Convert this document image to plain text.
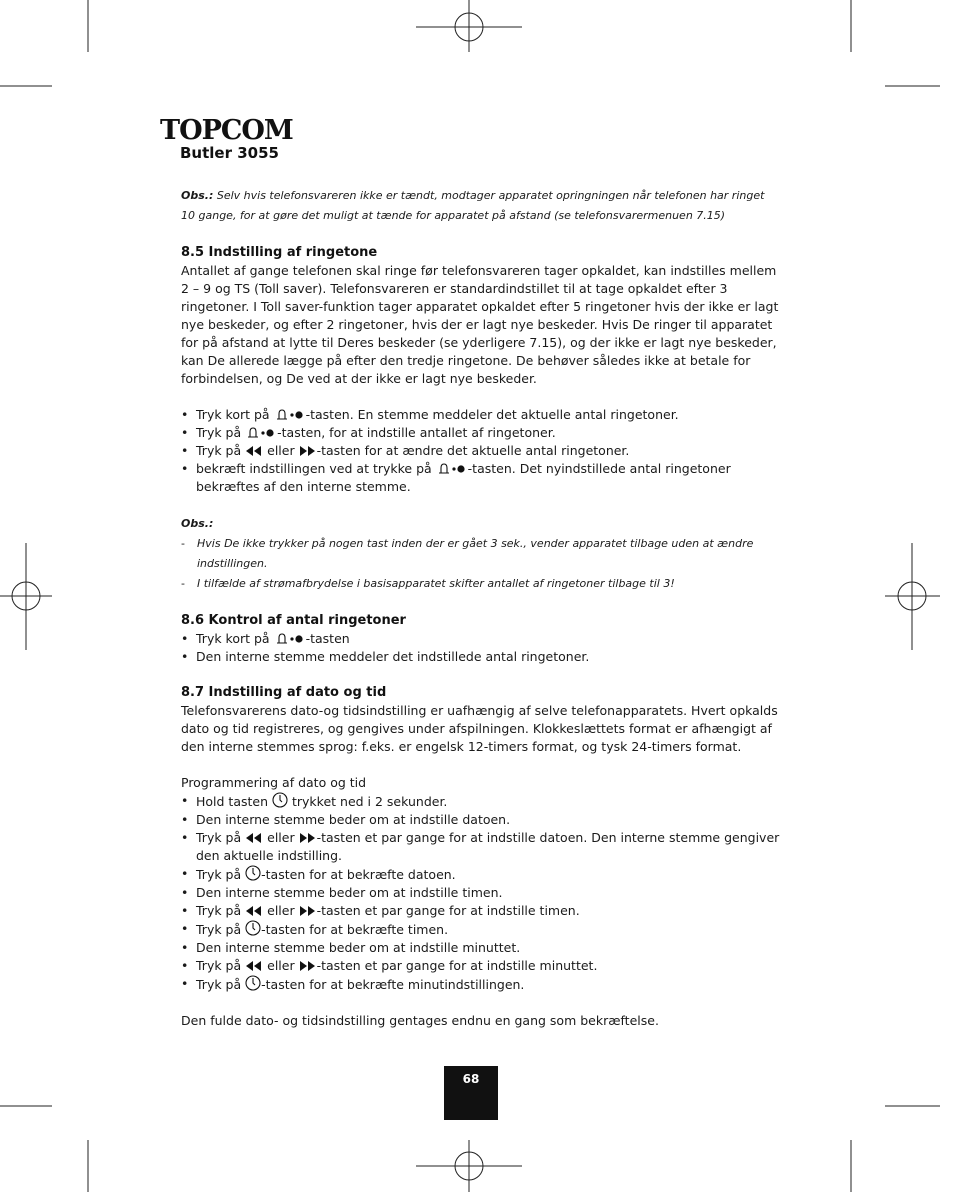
TOPCOM
Butler 3055

Obs.: Selv hvis telefonsvareren ikke er tændt, modtager apparatet opringningen når telefonen har ringet 10 gange, for at gøre det muligt at tænde for apparatet på afstand (se telefonsvarermenuen 7.15)

8.5 Indstilling af ringetone

Antallet af gange telefonen skal ringe før telefonsvareren tager opkaldet, kan indstilles mellem 2 – 9 og TS (Toll saver). Telefonsvareren er standardindstillet til at tage opkaldet efter 3 ringetoner. I Toll saver-funktion tager apparatet opkaldet efter 5 ringetoner hvis der ikke er lagt nye beskeder, og efter 2 ringetoner, hvis der er lagt nye beskeder. Hvis De ringer til apparatet for på afstand at lytte til Deres beskeder (se yderligere 7.15), og der ikke er lagt nye beskeder, kan De allerede lægge på efter den tredje ringetone. De behøver således ikke at betale for forbindelsen, og De ved at der ikke er lagt nye beskeder.

• Tryk kort på	-tasten. En stemme meddeler det aktuelle antal ringetoner.
• Tryk på	-tasten, for at indstille antallet af ringetoner.
• Tryk på eller -tasten for at ændre det aktuelle antal ringetoner.
• bekræft indstillingen ved at trykke på	-tasten. Det nyindstillede antal ringetoner bekræftes af den interne stemme.
Obs.:
- Hvis De ikke trykker på nogen tast inden der er gået 3 sek., vender apparatet tilbage uden at ændre indstillingen.
- I tilfælde af strømafbrydelse i basisapparatet skifter antallet af ringetoner tilbage til 3!
8.6 Kontrol af antal ringetoner
• Tryk kort på	-tasten
• Den interne stemme meddeler det indstillede antal ringetoner.
8.7 Indstilling af dato og tid

Telefonsvarerens dato-og tidsindstilling er uafhængig af selve telefonapparatets. Hvert opkalds dato og tid registreres, og gengives under afspilningen. Klokkeslættets format er afhængigt af den interne stemmes sprog: f.eks. er engelsk 12-timers format, og tysk 24-timers format.

Programmering af dato og tid

• Hold tasten trykket ned i 2 sekunder.
• Den interne stemme beder om at indstille datoen.
• Tryk på eller -tasten et par gange for at indstille datoen. Den interne stemme gengiver den aktuelle indstilling.
• Tryk på -tasten for at bekræfte datoen.
• Den interne stemme beder om at indstille timen.
• Tryk på eller -tasten et par gange for at indstille timen.
• Tryk på -tasten for at bekræfte timen.
• Den interne stemme beder om at indstille minuttet.
• Tryk på eller -tasten et par gange for at indstille minuttet.
• Tryk på -tasten for at bekræfte minutindstillingen.

Den fulde dato- og tidsindstilling gentages endnu en gang som bekræftelse.

68
